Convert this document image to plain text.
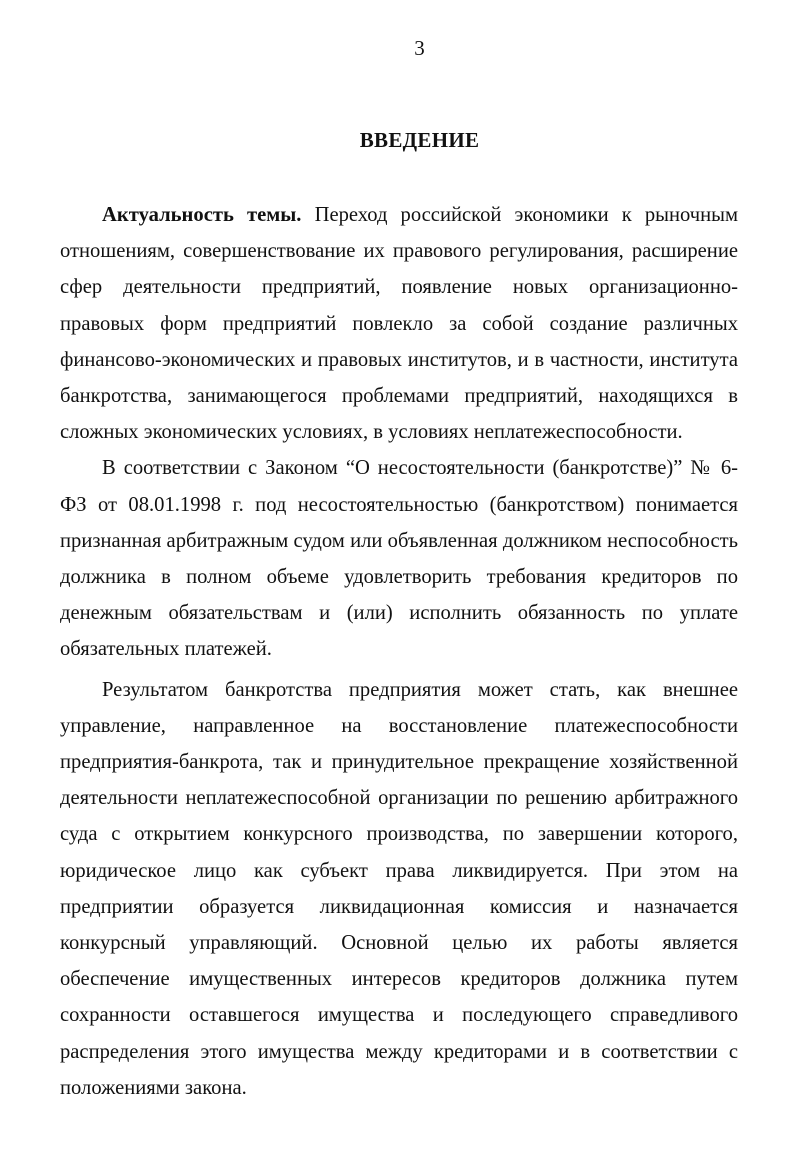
3
ВВЕДЕНИЕ

Актуальность темы. Переход российской экономики к рыночным отношениям, совершенствование их правового регулирования, расширение сфер деятельности предприятий, появление новых организационно-правовых форм предприятий повлекло за собой создание различных финансово-экономических и правовых институтов, и в частности, института банкротства, занимающегося проблемами предприятий, находящихся в сложных экономических условиях, в условиях неплатежеспособности.

В соответствии с Законом “О несостоятельности (банкротстве)” № 6-ФЗ от 08.01.1998 г. под несостоятельностью (банкротством) понимается признанная арбитражным судом или объявленная должником неспособность должника в полном объеме удовлетворить требования кредиторов по денежным обязательствам и (или) исполнить обязанность по уплате обязательных платежей.

Результатом банкротства предприятия может стать, как внешнее управление, направленное на восстановление платежеспособности предприятия-банкрота, так и принудительное прекращение хозяйственной деятельности неплатежеспособной организации по решению арбитражного суда с открытием конкурсного производства, по завершении которого, юридическое лицо как субъект права ликвидируется. При этом на предприятии образуется ликвидационная комиссия и назначается конкурсный управляющий. Основной целью их работы является обеспечение имущественных интересов кредиторов должника путем сохранности оставшегося имущества и последующего справедливого распределения этого имущества между кредиторами и в соответствии с положениями закона.
